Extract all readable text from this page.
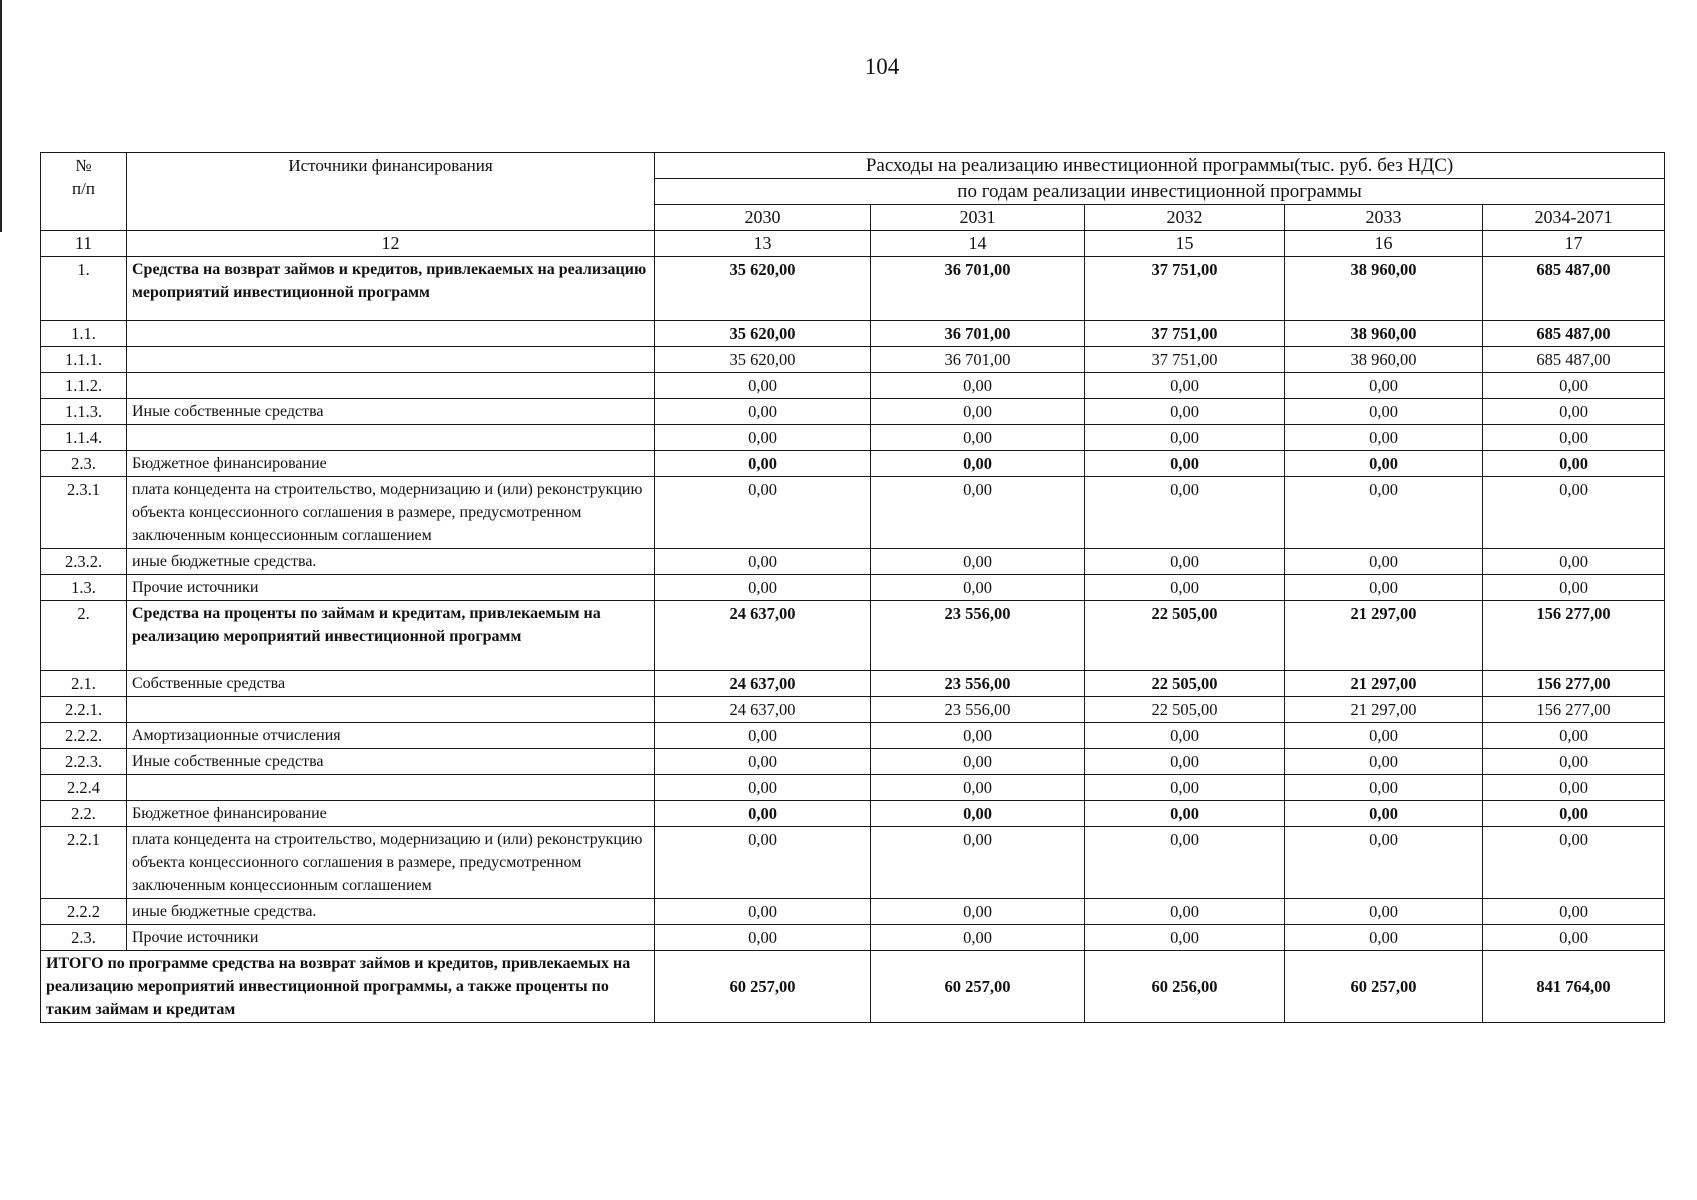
104
№
п/п	Источники финансирования	Расходы на реализацию инвестиционной программы(тыс. руб. без НДС)				
		по годам реализации инвестиционной программы				
		2030	2031	2032	2033	2034-2071
11	12	13	14	15	16	17
1.	Средства на возврат займов и кредитов, привлекаемых на реализацию мероприятий инвестиционной программ	35 620,00	36 701,00	37 751,00	38 960,00	685 487,00
1.1.		35 620,00	36 701,00	37 751,00	38 960,00	685 487,00
1.1.1.		35 620,00	36 701,00	37 751,00	38 960,00	685 487,00
1.1.2.		0,00	0,00	0,00	0,00	0,00
1.1.3.	Иные собственные средства	0,00	0,00	0,00	0,00	0,00
1.1.4.		0,00	0,00	0,00	0,00	0,00
2.3.	Бюджетное финансирование	0,00	0,00	0,00	0,00	0,00
2.3.1	плата концедента на строительство, модернизацию и (или) реконструкцию объекта концессионного соглашения в размере, предусмотренном заключенным концессионным соглашением	0,00	0,00	0,00	0,00	0,00
2.3.2.	иные бюджетные средства.	0,00	0,00	0,00	0,00	0,00
1.3.	Прочие источники	0,00	0,00	0,00	0,00	0,00
2.	Средства на проценты по займам и кредитам, привлекаемым на реализацию мероприятий инвестиционной программ	24 637,00	23 556,00	22 505,00	21 297,00	156 277,00
2.1.	Собственные средства	24 637,00	23 556,00	22 505,00	21 297,00	156 277,00
2.2.1.		24 637,00	23 556,00	22 505,00	21 297,00	156 277,00
2.2.2.	Амортизационные отчисления	0,00	0,00	0,00	0,00	0,00
2.2.3.	Иные собственные средства	0,00	0,00	0,00	0,00	0,00
2.2.4		0,00	0,00	0,00	0,00	0,00
2.2.	Бюджетное финансирование	0,00	0,00	0,00	0,00	0,00
2.2.1	плата концедента на строительство, модернизацию и (или) реконструкцию объекта концессионного соглашения в размере, предусмотренном заключенным концессионным соглашением	0,00	0,00	0,00	0,00	0,00
2.2.2	иные бюджетные средства.	0,00	0,00	0,00	0,00	0,00
2.3.	Прочие источники	0,00	0,00	0,00	0,00	0,00
ИТОГО по программе средства на возврат займов и кредитов, привлекаемых на реализацию мероприятий инвестиционной программы, а также проценты по таким займам и кредитам		60 257,00	60 257,00	60 256,00	60 257,00	841 764,00
